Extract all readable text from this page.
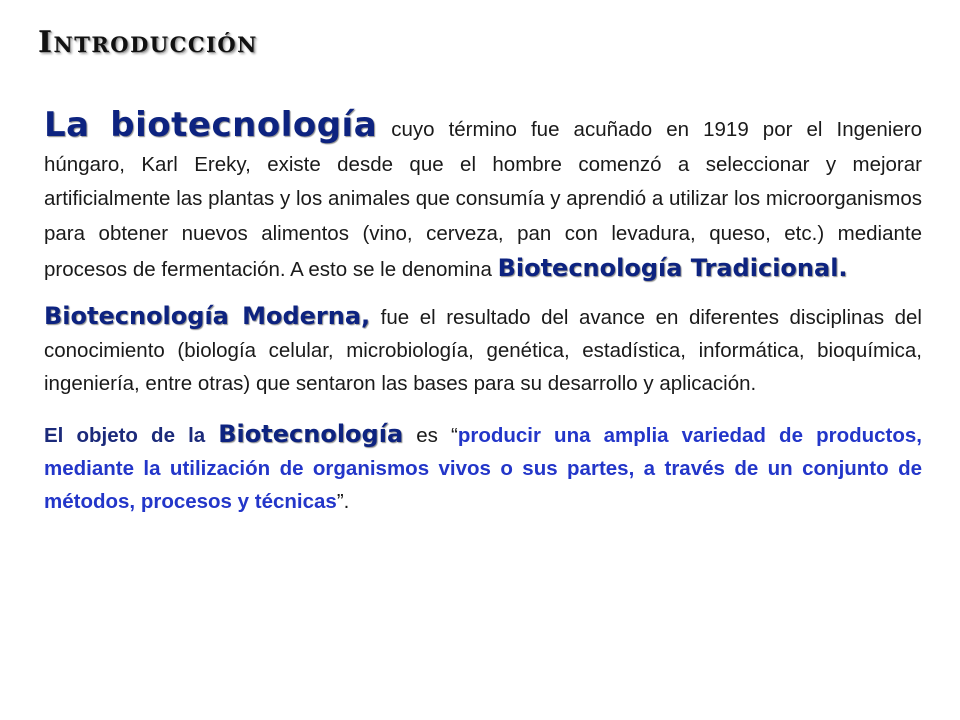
Introducción

La biotecnología cuyo término fue acuñado en 1919 por el Ingeniero húngaro, Karl Ereky, existe desde que el hombre comenzó a seleccionar y mejorar artificialmente las plantas y los animales que consumía y aprendió a utilizar los microorganismos para obtener nuevos alimentos (vino, cerveza, pan con levadura, queso, etc.) mediante procesos de fermentación. A esto se le denomina Biotecnología Tradicional.

Biotecnología Moderna, fue el resultado del avance en diferentes disciplinas del conocimiento (biología celular, microbiología, genética, estadística, informática, bioquímica, ingeniería, entre otras) que sentaron las bases para su desarrollo y aplicación.

El objeto de la Biotecnología es “producir una amplia variedad de productos, mediante la utilización de organismos vivos o sus partes, a través de un conjunto de métodos, procesos y técnicas”.
